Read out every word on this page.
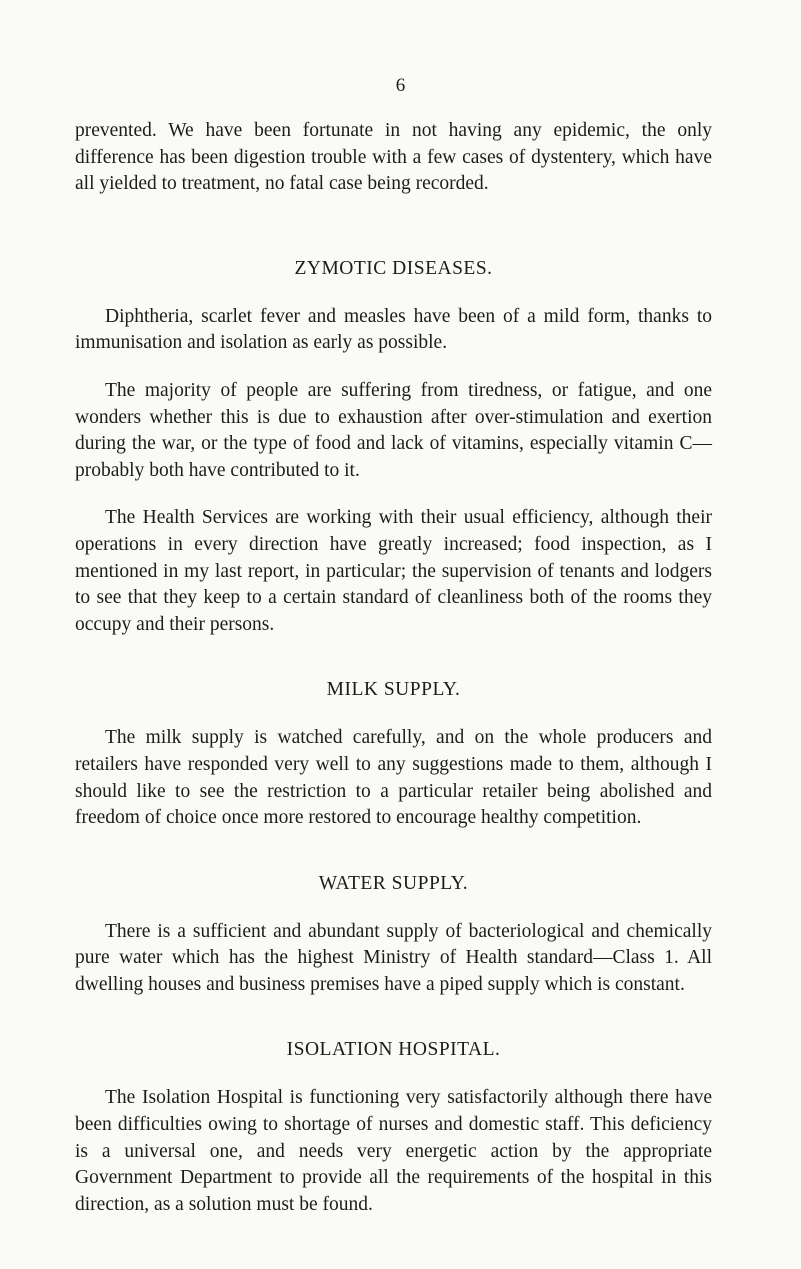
6

prevented. We have been fortunate in not having any epidemic, the only difference has been digestion trouble with a few cases of dystentery, which have all yielded to treatment, no fatal case being recorded.

ZYMOTIC DISEASES.

Diphtheria, scarlet fever and measles have been of a mild form, thanks to immunisation and isolation as early as possible.

The majority of people are suffering from tiredness, or fatigue, and one wonders whether this is due to exhaustion after over-stimulation and exertion during the war, or the type of food and lack of vitamins, especially vitamin C—probably both have contributed to it.

The Health Services are working with their usual efficiency, although their operations in every direction have greatly increased; food inspection, as I mentioned in my last report, in particular; the supervision of tenants and lodgers to see that they keep to a certain standard of cleanliness both of the rooms they occupy and their persons.

MILK SUPPLY.

The milk supply is watched carefully, and on the whole producers and retailers have responded very well to any suggestions made to them, although I should like to see the restriction to a particular retailer being abolished and freedom of choice once more restored to encourage healthy competition.

WATER SUPPLY.

There is a sufficient and abundant supply of bacteriological and chemically pure water which has the highest Ministry of Health standard—Class 1. All dwelling houses and business premises have a piped supply which is constant.

ISOLATION HOSPITAL.

The Isolation Hospital is functioning very satisfactorily although there have been difficulties owing to shortage of nurses and domestic staff. This deficiency is a universal one, and needs very energetic action by the appropriate Government Department to provide all the requirements of the hospital in this direction, as a solution must be found.
